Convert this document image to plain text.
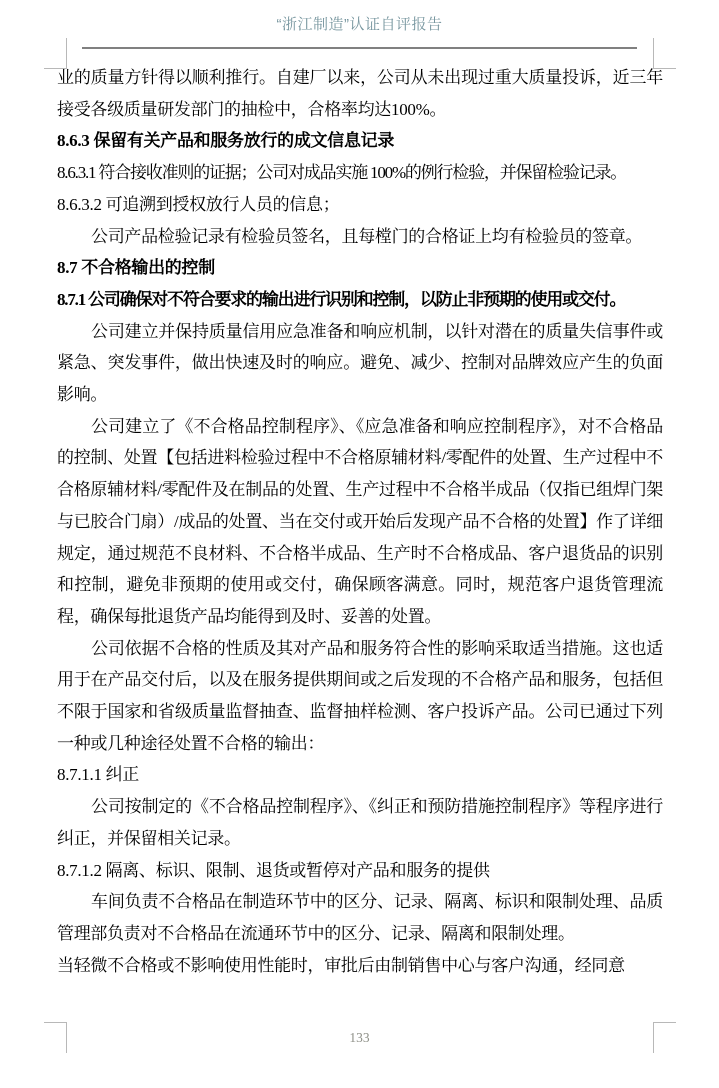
“浙江制造”认证自评报告

业的质量方针得以顺利推行。自建厂以来，公司从未出现过重大质量投诉，近三年接受各级质量研发部门的抽检中，合格率均达100%。

8.6.3 保留有关产品和服务放行的成文信息记录

8.6.3.1 符合接收准则的证据；公司对成品实施 100%的例行检验，并保留检验记录。

8.6.3.2 可追溯到授权放行人员的信息；

公司产品检验记录有检验员签名，且每樘门的合格证上均有检验员的签章。

8.7 不合格输出的控制

8.7.1 公司确保对不符合要求的输出进行识别和控制，以防止非预期的使用或交付。

公司建立并保持质量信用应急准备和响应机制，以针对潜在的质量失信事件或紧急、突发事件，做出快速及时的响应。避免、减少、控制对品牌效应产生的负面影响。

公司建立了《不合格品控制程序》、《应急准备和响应控制程序》，对不合格品的控制、处置【包括进料检验过程中不合格原辅材料/零配件的处置、生产过程中不合格原辅材料/零配件及在制品的处置、生产过程中不合格半成品（仅指已组焊门架与已胶合门扇）/成品的处置、当在交付或开始后发现产品不合格的处置】作了详细规定，通过规范不良材料、不合格半成品、生产时不合格成品、客户退货品的识别和控制，避免非预期的使用或交付，确保顾客满意。同时，规范客户退货管理流程，确保每批退货产品均能得到及时、妥善的处置。

公司依据不合格的性质及其对产品和服务符合性的影响采取适当措施。这也适用于在产品交付后，以及在服务提供期间或之后发现的不合格产品和服务，包括但不限于国家和省级质量监督抽查、监督抽样检测、客户投诉产品。公司已通过下列一种或几种途径处置不合格的输出：

8.7.1.1 纠正

公司按制定的《不合格品控制程序》、《纠正和预防措施控制程序》等程序进行纠正，并保留相关记录。

8.7.1.2 隔离、标识、限制、退货或暂停对产品和服务的提供

车间负责不合格品在制造环节中的区分、记录、隔离、标识和限制处理、品质管理部负责对不合格品在流通环节中的区分、记录、隔离和限制处理。

当轻微不合格或不影响使用性能时，审批后由制销售中心与客户沟通，经同意

133
